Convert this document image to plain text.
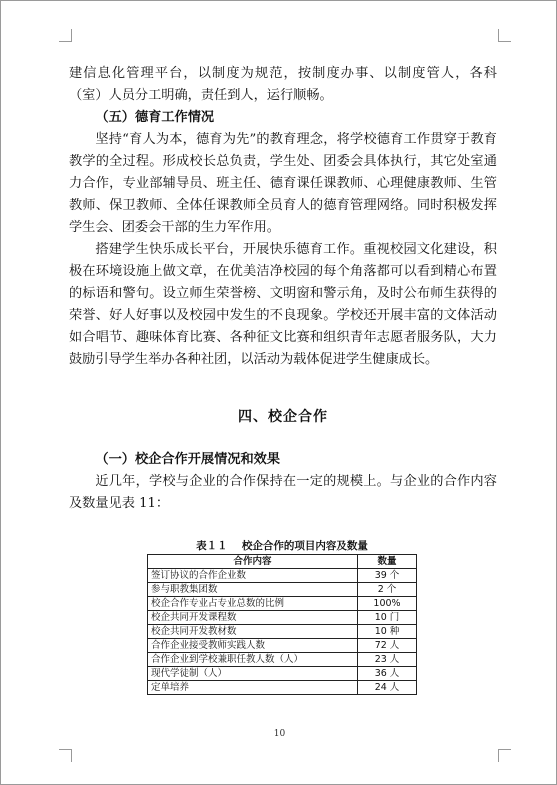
建信息化管理平台，以制度为规范，按制度办事、以制度管人，各科（室）人员分工明确，责任到人，运行顺畅。

（五）德育工作情况

坚持“育人为本，德育为先”的教育理念，将学校德育工作贯穿于教育教学的全过程。形成校长总负责，学生处、团委会具体执行，其它处室通力合作，专业部辅导员、班主任、德育课任课教师、心理健康教师、生管教师、保卫教师、全体任课教师全员育人的德育管理网络。同时积极发挥学生会、团委会干部的生力军作用。

搭建学生快乐成长平台，开展快乐德育工作。重视校园文化建设，积极在环境设施上做文章，在优美洁净校园的每个角落都可以看到精心布置的标语和警句。设立师生荣誉榜、文明窗和警示角，及时公布师生获得的荣誉、好人好事以及校园中发生的不良现象。学校还开展丰富的文体活动如合唱节、趣味体育比赛、各种征文比赛和组织青年志愿者服务队，大力鼓励引导学生举办各种社团，以活动为载体促进学生健康成长。

四、校企合作

（一）校企合作开展情况和效果

近几年，学校与企业的合作保持在一定的规模上。与企业的合作内容及数量见表 11：

表１１　 校企合作的项目内容及数量
合作内容	数量
签订协议的合作企业数	39 个
参与职教集团数	2 个
校企合作专业占专业总数的比例	100%
校企共同开发课程数	10 门
校企共同开发教材数	10 种
合作企业接受教师实践人数	72 人
合作企业到学校兼职任教人数（人）	23 人
现代学徒制（人）	36 人
定单培养	24 人
10
